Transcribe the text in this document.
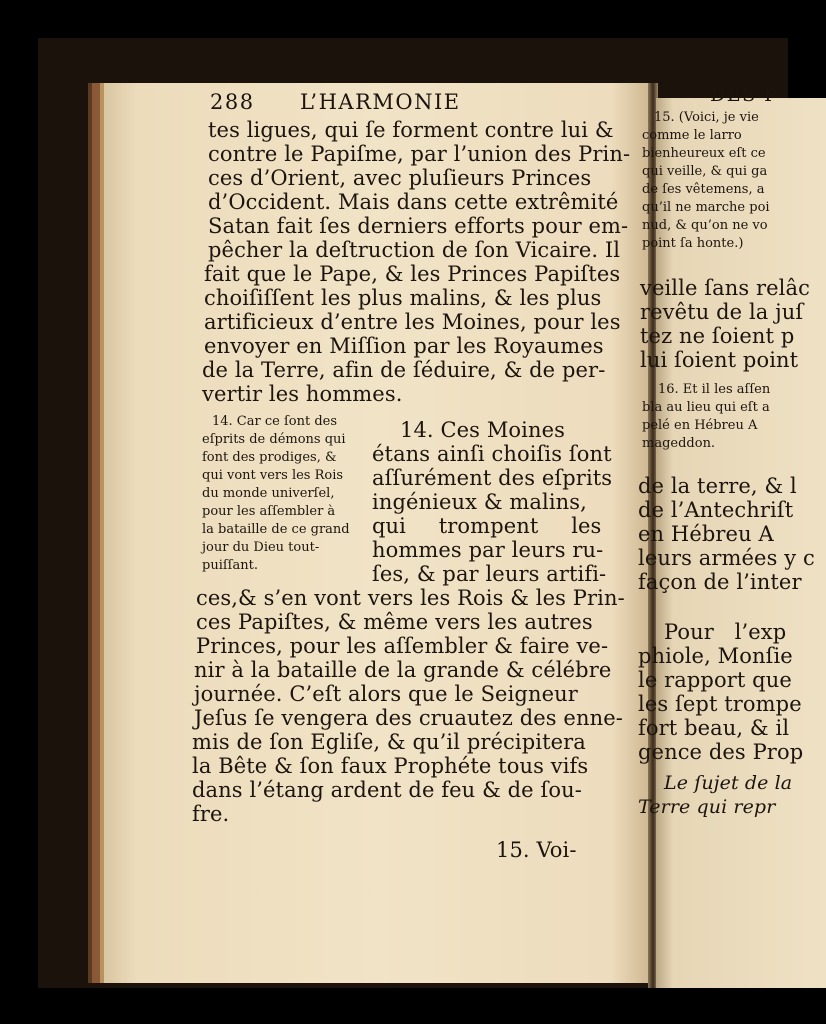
288 L’HARMONIE
tes ligues, qui ſe forment contre lui &
contre le Papiſme, par l’union des Prin-
ces d’Orient, avec pluſieurs Princes
d’Occident. Mais dans cette extrêmité
Satan fait ſes derniers efforts pour em-
pêcher la deſtruction de ſon Vicaire. Il
fait que le Pape, & les Princes Papiſtes
choiſiſſent les plus malins, & les plus
artificieux d’entre les Moines, pour les
envoyer en Miſſion par les Royaumes
de la Terre, afin de ſéduire, & de per-
vertir les hommes.
14. Car ce ſont des
eſprits de démons qui
font des prodiges, &
qui vont vers les Rois
du monde univerſel,
pour les aſſembler à
la bataille de ce grand
jour du Dieu tout-
puiſſant.
14. Ces Moines
étans ainſi choiſis ſont
aſſurément des eſprits
ingénieux & malins,
qui trompent les
hommes par leurs ru-
ſes, & par leurs artifi-
ces,& s’en vont vers les Rois & les Prin-
ces Papiſtes, & même vers les autres
Princes, pour les aſſembler & faire ve-
nir à la bataille de la grande & célébre
journée. C’eſt alors que le Seigneur
Jeſus ſe vengera des cruautez des enne-
mis de ſon Egliſe, & qu’il précipitera
la Bête & ſon faux Prophéte tous vifs
dans l’étang ardent de feu & de ſou-
fre.
15. Voi-
DES P
15. (Voici, je vie
comme le larro
bienheureux eſt ce
qui veille, & qui ga
de ſes vêtemens, a
qu’il ne marche poi
nud, & qu’on ne vo
point ſa honte.)
veille ſans relâc
revêtu de la juſ
tez ne ſoient p
lui ſoient point
16. Et il les aſſen
bla au lieu qui eſt a
pelé en Hébreu A
mageddon.
de la terre, & l
de l’Antechriſt
en Hébreu A
leurs armées y c
façon de l’inter
Pour l’exp
phiole, Monſie
le rapport que
les ſept trompe
fort beau, & il
gence des Prop
Le ſujet de la
Terre qui repr
